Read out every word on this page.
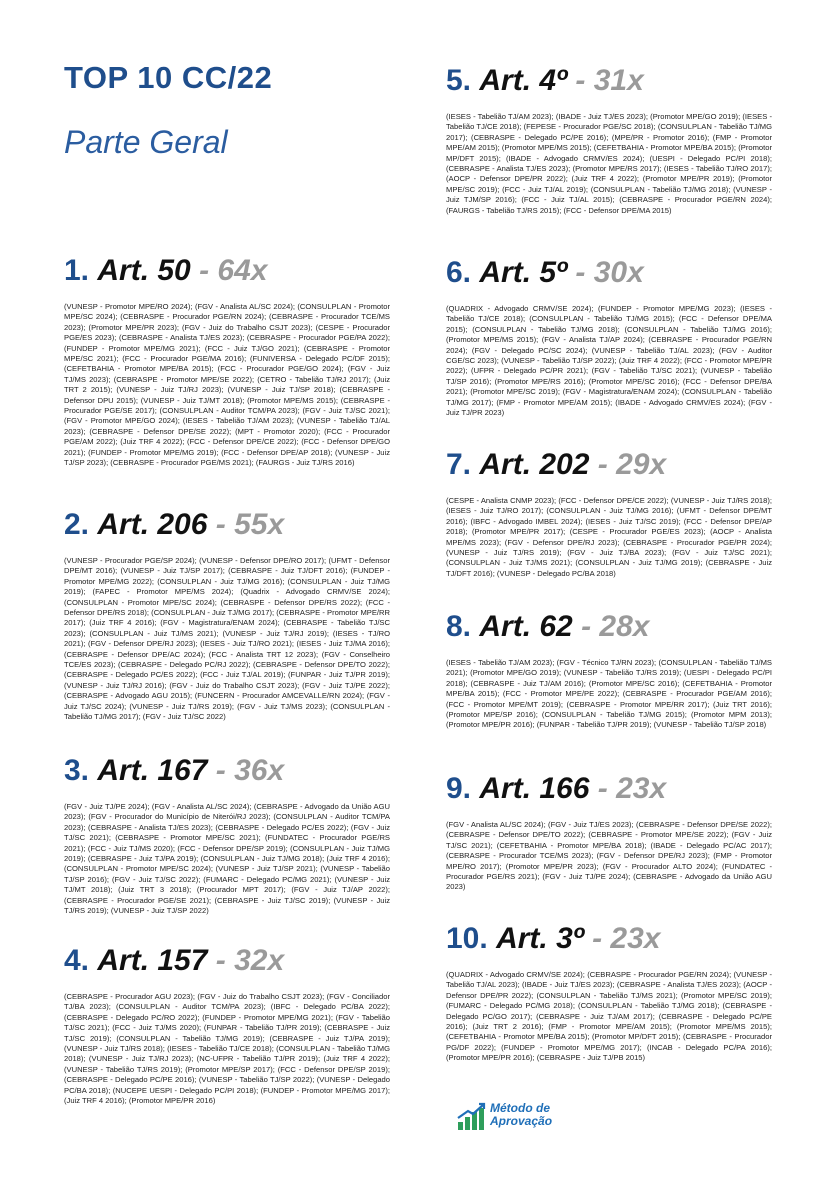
TOP 10 CC/22
Parte Geral
1. Art. 50 - 64x
(VUNESP - Promotor MPE/RO 2024); (FGV - Analista AL/SC 2024); (CONSULPLAN - Promotor MPE/SC 2024); (CEBRASPE - Procurador PGE/RN 2024); (CEBRASPE - Procurador TCE/MS 2023); (Promotor MPE/PR 2023); (FGV - Juiz do Trabalho CSJT 2023); (CESPE - Procurador PGE/ES 2023); (CEBRASPE - Analista TJ/ES 2023); (CEBRASPE - Procurador PGE/PA 2022); (FUNDEP - Promotor MPE/MG 2021); (FCC - Juiz TJ/GO 2021); (CEBRASPE - Promotor MPE/SC 2021); (FCC - Procurador PGE/MA 2016); (FUNIVERSA - Delegado PC/DF 2015); (CEFETBAHIA - Promotor MPE/BA 2015); (FCC - Procurador PGE/GO 2024); (FGV - Juiz TJ/MS 2023); (CEBRASPE - Promotor MPE/SE 2022); (CETRO - Tabelião TJ/RJ 2017); (Juiz TRT 2 2015); (VUNESP - Juiz TJ/RJ 2023); (VUNESP - Juiz TJ/SP 2018); (CEBRASPE - Defensor DPU 2015); (VUNESP - Juiz TJ/MT 2018); (Promotor MPE/MS 2015); (CEBRASPE - Procurador PGE/SE 2017); (CONSULPLAN - Auditor TCM/PA 2023); (FGV - Juiz TJ/SC 2021); (FGV - Promotor MPE/GO 2024); (IESES - Tabelião TJ/AM 2023); (VUNESP - Tabelião TJ/AL 2023); (CEBRASPE - Defensor DPE/SE 2022); (MPT - Promotor 2020); (FCC - Procurador PGE/AM 2022); (Juiz TRF 4 2022); (FCC - Defensor DPE/CE 2022); (FCC - Defensor DPE/GO 2021); (FUNDEP - Promotor MPE/MG 2019); (FCC - Defensor DPE/AP 2018); (VUNESP - Juiz TJ/SP 2023); (CEBRASPE - Procurador PGE/MS 2021); (FAURGS - Juiz TJ/RS 2016)
2. Art. 206 - 55x
(VUNESP - Procurador PGE/SP 2024); (VUNESP - Defensor DPE/RO 2017); (UFMT - Defensor DPE/MT 2016); (VUNESP - Juiz TJ/SP 2017); (CEBRASPE - Juiz TJ/DFT 2016); (FUNDEP - Promotor MPE/MG 2022); (CONSULPLAN - Juiz TJ/MG 2016); (CONSULPLAN - Juiz TJ/MG 2019); (FAPEC - Promotor MPE/MS 2024); (Quadrix - Advogado CRMV/SE 2024); (CONSULPLAN - Promotor MPE/SC 2024); (CEBRASPE - Defensor DPE/RS 2022); (FCC - Defensor DPE/RS 2018); (CONSULPLAN - Juiz TJ/MG 2017); (CEBRASPE - Promotor MPE/RR 2017); (Juiz TRF 4 2016); (FGV - Magistratura/ENAM 2024); (CEBRASPE - Tabelião TJ/SC 2023); (CONSULPLAN - Juiz TJ/MS 2021); (VUNESP - Juiz TJ/RJ 2019); (IESES - TJ/RO 2021); (FGV - Defensor DPE/RJ 2023); (IESES - Juiz TJ/RO 2021); (IESES - Juiz TJ/MA 2016); (CEBRASPE - Defensor DPE/AC 2024); (FCC - Analista TRT 12 2023); (FGV - Conselheiro TCE/ES 2023); (CEBRASPE - Delegado PC/RJ 2022); (CEBRASPE - Defensor DPE/TO 2022); (CEBRASPE - Delegado PC/ES 2022); (FCC - Juiz TJ/AL 2019); (FUNPAR - Juiz TJ/PR 2019); (VUNESP - Juiz TJ/RJ 2016); (FGV - Juiz do Trabalho CSJT 2023); (FGV - Juiz TJ/PE 2022); (CEBRASPE - Advogado AGU 2015); (FUNCERN - Procurador AMCEVALLE/RN 2024); (FGV - Juiz TJ/SC 2024); (VUNESP - Juiz TJ/RS 2019); (FGV - Juiz TJ/MS 2023); (CONSULPLAN - Tabelião TJ/MG 2017); (FGV - Juiz TJ/SC 2022)
3. Art. 167 - 36x
(FGV - Juiz TJ/PE 2024); (FGV - Analista AL/SC 2024); (CEBRASPE - Advogado da União AGU 2023); (FGV - Procurador do Município de Niterói/RJ 2023); (CONSULPLAN - Auditor TCM/PA 2023); (CEBRASPE - Analista TJ/ES 2023); (CEBRASPE - Delegado PC/ES 2022); (FGV - Juiz TJ/SC 2021); (CEBRASPE - Promotor MPE/SC 2021); (FUNDATEC - Procurador PGE/RS 2021); (FCC - Juiz TJ/MS 2020); (FCC - Defensor DPE/SP 2019); (CONSULPLAN - Juiz TJ/MG 2019); (CEBRASPE - Juiz TJ/PA 2019); (CONSULPLAN - Juiz TJ/MG 2018); (Juiz TRF 4 2016); (CONSULPLAN - Promotor MPE/SC 2024); (VUNESP - Juiz TJ/SP 2021); (VUNESP - Tabelião TJ/SP 2016); (FGV - Juiz TJ/SC 2022); (FUMARC - Delegado PC/MG 2021); (VUNESP - Juiz TJ/MT 2018); (Juiz TRT 3 2018); (Procurador MPT 2017); (FGV - Juiz TJ/AP 2022); (CEBRASPE - Procurador PGE/SE 2021); (CEBRASPE - Juiz TJ/SC 2019); (VUNESP - Juiz TJ/RS 2019); (VUNESP - Juiz TJ/SP 2022)
4. Art. 157 - 32x
(CEBRASPE - Procurador AGU 2023); (FGV - Juiz do Trabalho CSJT 2023); (FGV - Conciliador TJ/BA 2023); (CONSULPLAN - Auditor TCM/PA 2023); (IBFC - Delegado PC/BA 2022); (CEBRASPE - Delegado PC/RO 2022); (FUNDEP - Promotor MPE/MG 2021); (FGV - Tabelião TJ/SC 2021); (FCC - Juiz TJ/MS 2020); (FUNPAR - Tabelião TJ/PR 2019); (CEBRASPE - Juiz TJ/SC 2019); (CONSULPLAN - Tabelião TJ/MG 2019); (CEBRASPE - Juiz TJ/PA 2019); (VUNESP - Juiz TJ/RS 2018); (IESES - Tabelião TJ/CE 2018); (CONSULPLAN - Tabelião TJ/MG 2018); (VUNESP - Juiz TJ/RJ 2023); (NC-UFPR - Tabelião TJ/PR 2019); (Juiz TRF 4 2022); (VUNESP - Tabelião TJ/RS 2019); (Promotor MPE/SP 2017); (FCC - Defensor DPE/SP 2019); (CEBRASPE - Delegado PC/PE 2016); (VUNESP - Tabelião TJ/SP 2022); (VUNESP - Delegado PC/BA 2018); (NUCEPE UESPI - Delegado PC/PI 2018); (FUNDEP - Promotor MPE/MG 2017); (Juiz TRF 4 2016); (Promotor MPE/PR 2016)
5. Art. 4º - 31x
(IESES - Tabelião TJ/AM 2023); (IBADE - Juiz TJ/ES 2023); (Promotor MPE/GO 2019); (IESES - Tabelião TJ/CE 2018); (FEPESE - Procurador PGE/SC 2018); (CONSULPLAN - Tabelião TJ/MG 2017); (CEBRASPE - Delegado PC/PE 2016); (MPE/PR - Promotor 2016); (FMP - Promotor MPE/AM 2015); (Promotor MPE/MS 2015); (CEFETBAHIA - Promotor MPE/BA 2015); (Promotor MP/DFT 2015); (IBADE - Advogado CRMV/ES 2024); (UESPI - Delegado PC/PI 2018); (CEBRASPE - Analista TJ/ES 2023); (Promotor MPE/RS 2017); (IESES - Tabelião TJ/RO 2017); (AOCP - Defensor DPE/PR 2022); (Juiz TRF 4 2022); (Promotor MPE/PR 2019); (Promotor MPE/SC 2019); (FCC - Juiz TJ/AL 2019); (CONSULPLAN - Tabelião TJ/MG 2018); (VUNESP - Juiz TJM/SP 2016); (FCC - Juiz TJ/AL 2015); (CEBRASPE - Procurador PGE/RN 2024); (FAURGS - Tabelião TJ/RS 2015); (FCC - Defensor DPE/MA 2015)
6. Art. 5º - 30x
(QUADRIX - Advogado CRMV/SE 2024); (FUNDEP - Promotor MPE/MG 2023); (IESES - Tabelião TJ/CE 2018); (CONSULPLAN - Tabelião TJ/MG 2015); (FCC - Defensor DPE/MA 2015); (CONSULPLAN - Tabelião TJ/MG 2018); (CONSULPLAN - Tabelião TJ/MG 2016); (Promotor MPE/MS 2015); (FGV - Analista TJ/AP 2024); (CEBRASPE - Procurador PGE/RN 2024); (FGV - Delegado PC/SC 2024); (VUNESP - Tabelião TJ/AL 2023); (FGV - Auditor CGE/SC 2023); (VUNESP - Tabelião TJ/SP 2022); (Juiz TRF 4 2022); (FCC - Promotor MPE/PR 2022); (UFPR - Delegado PC/PR 2021); (FGV - Tabelião TJ/SC 2021); (VUNESP - Tabelião TJ/SP 2016); (Promotor MPE/RS 2016); (Promotor MPE/SC 2016); (FCC - Defensor DPE/BA 2021); (Promotor MPE/SC 2019); (FGV - Magistratura/ENAM 2024); (CONSULPLAN - Tabelião TJ/MG 2017); (FMP - Promotor MPE/AM 2015); (IBADE - Advogado CRMV/ES 2024); (FGV - Juiz TJ/PR 2023)
7. Art. 202 - 29x
(CESPE - Analista CNMP 2023); (FCC - Defensor DPE/CE 2022); (VUNESP - Juiz TJ/RS 2018); (IESES - Juiz TJ/RO 2017); (CONSULPLAN - Juiz TJ/MG 2016); (UFMT - Defensor DPE/MT 2016); (IBFC - Advogado IMBEL 2024); (IESES - Juiz TJ/SC 2019); (FCC - Defensor DPE/AP 2018); (Promotor MPE/PR 2017); (CESPE - Procurador PGE/ES 2023); (AOCP - Analista MPE/MS 2023); (FGV - Defensor DPE/RJ 2023); (CEBRASPE - Procurador PGE/PR 2024); (VUNESP - Juiz TJ/RS 2019); (FGV - Juiz TJ/BA 2023); (FGV - Juiz TJ/SC 2021); (CONSULPLAN - Juiz TJ/MS 2021); (CONSULPLAN - Juiz TJ/MG 2019); (CEBRASPE - Juiz TJ/DFT 2016); (VUNESP - Delegado PC/BA 2018)
8. Art. 62 - 28x
(IESES - Tabelião TJ/AM 2023); (FGV - Técnico TJ/RN 2023); (CONSULPLAN - Tabelião TJ/MS 2021); (Promotor MPE/GO 2019); (VUNESP - Tabelião TJ/RS 2019); (UESPI - Delegado PC/PI 2018); (CEBRASPE - Juiz TJ/AM 2016); (Promotor MPE/SC 2016); (CEFETBAHIA - Promotor MPE/BA 2015); (FCC - Promotor MPE/PE 2022); (CEBRASPE - Procurador PGE/AM 2016); (FCC - Promotor MPE/MT 2019); (CEBRASPE - Promotor MPE/RR 2017); (Juiz TRT 2016); (Promotor MPE/SP 2016); (CONSULPLAN - Tabelião TJ/MG 2015); (Promotor MPM 2013); (Promotor MPE/PR 2016); (FUNPAR - Tabelião TJ/PR 2019); (VUNESP - Tabelião TJ/SP 2018)
9. Art. 166 - 23x
(FGV - Analista AL/SC 2024); (FGV - Juiz TJ/ES 2023); (CEBRASPE - Defensor DPE/SE 2022); (CEBRASPE - Defensor DPE/TO 2022); (CEBRASPE - Promotor MPE/SE 2022); (FGV - Juiz TJ/SC 2021); (CEFETBAHIA - Promotor MPE/BA 2018); (IBADE - Delegado PC/AC 2017); (CEBRASPE - Procurador TCE/MS 2023); (FGV - Defensor DPE/RJ 2023); (FMP - Promotor MPE/RO 2017); (Promotor MPE/PR 2023); (FGV - Procurador ALTO 2024); (FUNDATEC - Procurador PGE/RS 2021); (FGV - Juiz TJ/PE 2024); (CEBRASPE - Advogado da União AGU 2023)
10. Art. 3º - 23x
(QUADRIX - Advogado CRMV/SE 2024); (CEBRASPE - Procurador PGE/RN 2024); (VUNESP - Tabelião TJ/AL 2023); (IBADE - Juiz TJ/ES 2023); (CEBRASPE - Analista TJ/ES 2023); (AOCP - Defensor DPE/PR 2022); (CONSULPLAN - Tabelião TJ/MS 2021); (Promotor MPE/SC 2019); (FUMARC - Delegado PC/MG 2018); (CONSULPLAN - Tabelião TJ/MG 2018); (CEBRASPE - Delegado PC/GO 2017); (CEBRASPE - Juiz TJ/AM 2017); (CEBRASPE - Delegado PC/PE 2016); (Juiz TRT 2 2016); (FMP - Promotor MPE/AM 2015); (Promotor MPE/MS 2015); (CEFETBAHIA - Promotor MPE/BA 2015); (Promotor MP/DFT 2015); (CEBRASPE - Procurador PG/DF 2022); (FUNDEP - Promotor MPE/MG 2017); (INCAB - Delegado PC/PA 2016); (Promotor MPE/PR 2016); (CEBRASPE - Juiz TJ/PB 2015)
Método de
Aprovação
